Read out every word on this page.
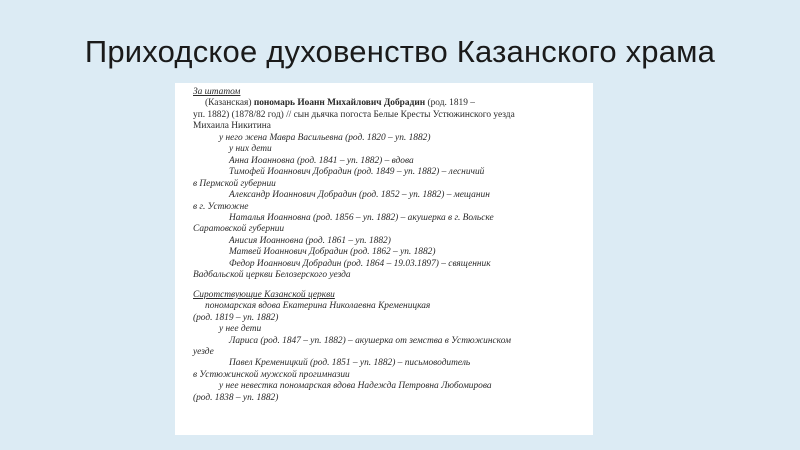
Приходское духовенство Казанского храма
За штатом
(Казанская) пономарь Иоанн Михайлович Добрадин (род. 1819 –
уп. 1882) (1878/82 год) // сын дьячка погоста Белые Кресты Устюжинского уезда
Михаила Никитина
у него жена Мавра Васильевна (род. 1820 – уп. 1882)
у них дети
Анна Иоанновна (род. 1841 – уп. 1882) – вдова
Тимофей Иоаннович Добрадин (род. 1849 – уп. 1882) – лесничий
в Пермской губернии
Александр Иоаннович Добрадин (род. 1852 – уп. 1882) – мещанин
в г. Устюжне
Наталья Иоанновна (род. 1856 – уп. 1882) – акушерка в г. Вольске
Саратовской губернии
Анисия Иоанновна (род. 1861 – уп. 1882)
Матвей Иоаннович Добрадин (род. 1862 – уп. 1882)
Федор Иоаннович Добрадин (род. 1864 – 19.03.1897) – священник
Вадбальской церкви Белозерского уезда
Сиротствующие Казанской церкви
пономарская вдова Екатерина Николаевна Кременицкая
(род. 1819 – уп. 1882)
у нее дети
Лариса (род. 1847 – уп. 1882) – акушерка от земства в Устюжинском
уезде
Павел Кременицкий (род. 1851 – уп. 1882) – письмоводитель
в Устюжинской мужской прогимназии
у нее невестка пономарская вдова Надежда Петровна Любомирова
(род. 1838 – уп. 1882)
